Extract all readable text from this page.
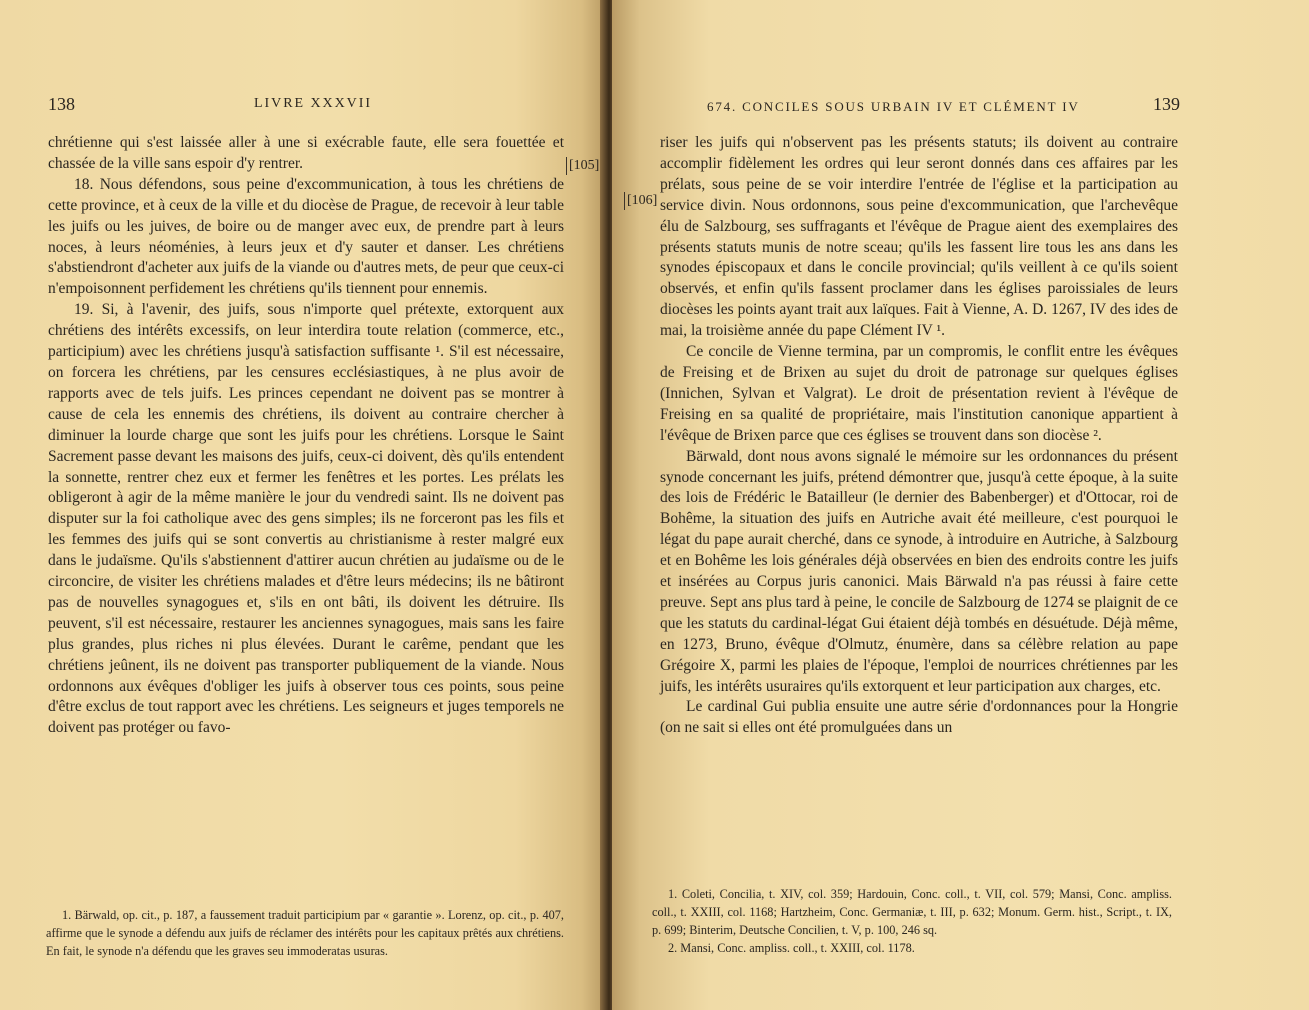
138	LIVRE XXXVII

chrétienne qui s'est laissée aller à une si exécrable faute, elle sera fouettée et chassée de la ville sans espoir d'y rentrer.

18. Nous défendons, sous peine d'excommunication, à tous les chrétiens de cette province, et à ceux de la ville et du diocèse de Prague, de recevoir à leur table les juifs ou les juives, de boire ou de manger avec eux, de prendre part à leurs noces, à leurs néoménies, à leurs jeux et d'y sauter et danser. Les chrétiens s'abstiendront d'acheter aux juifs de la viande ou d'autres mets, de peur que ceux-ci n'empoisonnent perfidement les chrétiens qu'ils tiennent pour ennemis.

19. Si, à l'avenir, des juifs, sous n'importe quel prétexte, extorquent aux chrétiens des intérêts excessifs, on leur interdira toute relation (commerce, etc., participium) avec les chrétiens jusqu'à satisfaction suffisante ¹. S'il est nécessaire, on forcera les chrétiens, par les censures ecclésiastiques, à ne plus avoir de rapports avec de tels juifs. Les princes cependant ne doivent pas se montrer à cause de cela les ennemis des chrétiens, ils doivent au contraire chercher à diminuer la lourde charge que sont les juifs pour les chrétiens. Lorsque le Saint Sacrement passe devant les maisons des juifs, ceux-ci doivent, dès qu'ils entendent la sonnette, rentrer chez eux et fermer les fenêtres et les portes. Les prélats les obligeront à agir de la même manière le jour du vendredi saint. Ils ne doivent pas disputer sur la foi catholique avec des gens simples; ils ne forceront pas les fils et les femmes des juifs qui se sont convertis au christianisme à rester malgré eux dans le judaïsme. Qu'ils s'abstiennent d'attirer aucun chrétien au judaïsme ou de le circoncire, de visiter les chrétiens malades et d'être leurs médecins; ils ne bâtiront pas de nouvelles synagogues et, s'ils en ont bâti, ils doivent les détruire. Ils peuvent, s'il est nécessaire, restaurer les anciennes synagogues, mais sans les faire plus grandes, plus riches ni plus élevées. Durant le carême, pendant que les chrétiens jeûnent, ils ne doivent pas transporter publiquement de la viande. Nous ordonnons aux évêques d'obliger les juifs à observer tous ces points, sous peine d'être exclus de tout rapport avec les chrétiens. Les seigneurs et juges temporels ne doivent pas protéger ou favo-

[105]

1. Bärwald, op. cit., p. 187, a faussement traduit participium par « garantie ». Lorenz, op. cit., p. 407, affirme que le synode a défendu aux juifs de réclamer des intérêts pour les capitaux prêtés aux chrétiens. En fait, le synode n'a défendu que les graves seu immoderatas usuras.

674. CONCILES SOUS URBAIN IV ET CLÉMENT IV	139
[106]

riser les juifs qui n'observent pas les présents statuts; ils doivent au contraire accomplir fidèlement les ordres qui leur seront donnés dans ces affaires par les prélats, sous peine de se voir interdire l'entrée de l'église et la participation au service divin. Nous ordonnons, sous peine d'excommunication, que l'archevêque élu de Salzbourg, ses suffragants et l'évêque de Prague aient des exemplaires des présents statuts munis de notre sceau; qu'ils les fassent lire tous les ans dans les synodes épiscopaux et dans le concile provincial; qu'ils veillent à ce qu'ils soient observés, et enfin qu'ils fassent proclamer dans les églises paroissiales de leurs diocèses les points ayant trait aux laïques. Fait à Vienne, A. D. 1267, IV des ides de mai, la troisième année du pape Clément IV ¹.

Ce concile de Vienne termina, par un compromis, le conflit entre les évêques de Freising et de Brixen au sujet du droit de patronage sur quelques églises (Innichen, Sylvan et Valgrat). Le droit de présentation revient à l'évêque de Freising en sa qualité de propriétaire, mais l'institution canonique appartient à l'évêque de Brixen parce que ces églises se trouvent dans son diocèse ².

Bärwald, dont nous avons signalé le mémoire sur les ordonnances du présent synode concernant les juifs, prétend démontrer que, jusqu'à cette époque, à la suite des lois de Frédéric le Batailleur (le dernier des Babenberger) et d'Ottocar, roi de Bohême, la situation des juifs en Autriche avait été meilleure, c'est pourquoi le légat du pape aurait cherché, dans ce synode, à introduire en Autriche, à Salzbourg et en Bohême les lois générales déjà observées en bien des endroits contre les juifs et insérées au Corpus juris canonici. Mais Bärwald n'a pas réussi à faire cette preuve. Sept ans plus tard à peine, le concile de Salzbourg de 1274 se plaignit de ce que les statuts du cardinal-légat Gui étaient déjà tombés en désuétude. Déjà même, en 1273, Bruno, évêque d'Olmutz, énumère, dans sa célèbre relation au pape Grégoire X, parmi les plaies de l'époque, l'emploi de nourrices chrétiennes par les juifs, les intérêts usuraires qu'ils extorquent et leur participation aux charges, etc.

Le cardinal Gui publia ensuite une autre série d'ordonnances pour la Hongrie (on ne sait si elles ont été promulguées dans un

1. Coleti, Concilia, t. XIV, col. 359; Hardouin, Conc. coll., t. VII, col. 579; Mansi, Conc. ampliss. coll., t. XXIII, col. 1168; Hartzheim, Conc. Germaniæ, t. III, p. 632; Monum. Germ. hist., Script., t. IX, p. 699; Binterim, Deutsche Concilien, t. V, p. 100, 246 sq.

2. Mansi, Conc. ampliss. coll., t. XXIII, col. 1178.
